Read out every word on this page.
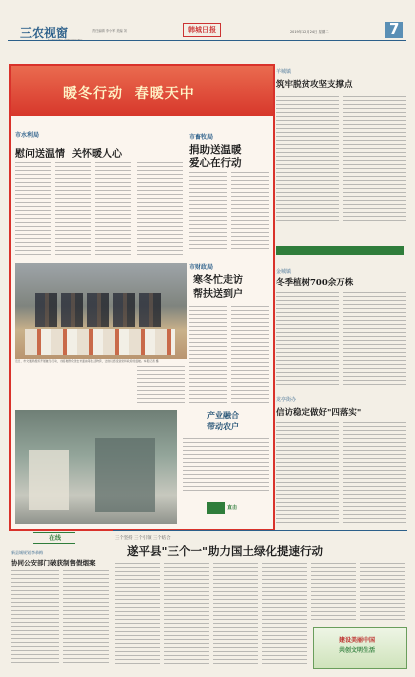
三农视窗	责任编辑 李小军 美编 刘	韩城日报	2019年12月24日 星期二	7
暖冬行动  春暖天中
市水利局
慰问送温情  关怀暖人心
市畜牧局
捐助送温暖
爱心在行动
近日，市交通局组织开展暖冬行动，为困难群众送去米面油等生活物资，让他们感受到党和政府的温暖。本报记者 摄
市财政局
寒冬忙走访
帮扶送到户
产业融合
带动农户
直击
羊城镇
筑牢脱贫攻坚支撑点
金城镇
冬季植树700余万株
龙亭街办
信访稳定做好"四落实"
在线
新县城规划李恭梅
协同公安部门破获制售假烟案
三个坚持 三个引领 三个结合
遂平县"三个一"助力国土绿化提速行动
建设美丽中国
共创文明生活
